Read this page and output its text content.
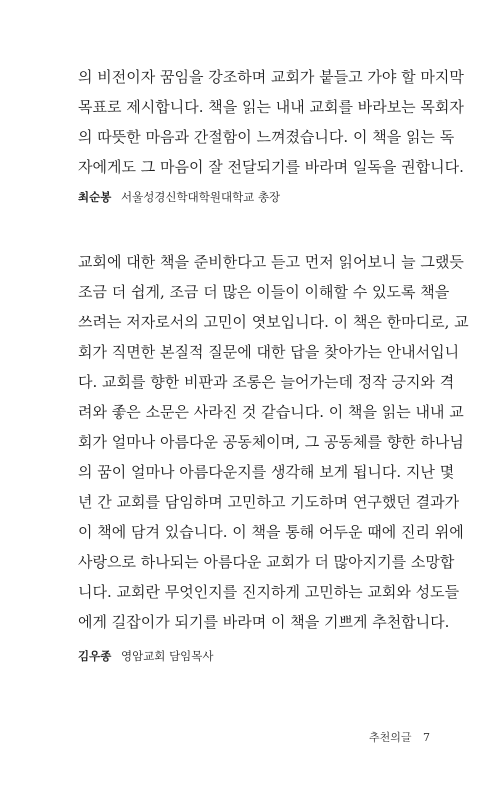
의 비전이자 꿈임을 강조하며 교회가 붙들고 가야 할 마지막
목표로 제시합니다. 책을 읽는 내내 교회를 바라보는 목회자
의 따뜻한 마음과 간절함이 느껴졌습니다. 이 책을 읽는 독
자에게도 그 마음이 잘 전달되기를 바라며 일독을 권합니다.
최순봉 서울성경신학대학원대학교 총장
교회에 대한 책을 준비한다고 듣고 먼저 읽어보니 늘 그랬듯
조금 더 쉽게, 조금 더 많은 이들이 이해할 수 있도록 책을
쓰려는 저자로서의 고민이 엿보입니다. 이 책은 한마디로, 교
회가 직면한 본질적 질문에 대한 답을 찾아가는 안내서입니
다. 교회를 향한 비판과 조롱은 늘어가는데 정작 긍지와 격
려와 좋은 소문은 사라진 것 같습니다. 이 책을 읽는 내내 교
회가 얼마나 아름다운 공동체이며, 그 공동체를 향한 하나님
의 꿈이 얼마나 아름다운지를 생각해 보게 됩니다. 지난 몇
년 간 교회를 담임하며 고민하고 기도하며 연구했던 결과가
이 책에 담겨 있습니다. 이 책을 통해 어두운 때에 진리 위에
사랑으로 하나되는 아름다운 교회가 더 많아지기를 소망합
니다. 교회란 무엇인지를 진지하게 고민하는 교회와 성도들
에게 길잡이가 되기를 바라며 이 책을 기쁘게 추천합니다.
김우종 영암교회 담임목사
추천의글 7
